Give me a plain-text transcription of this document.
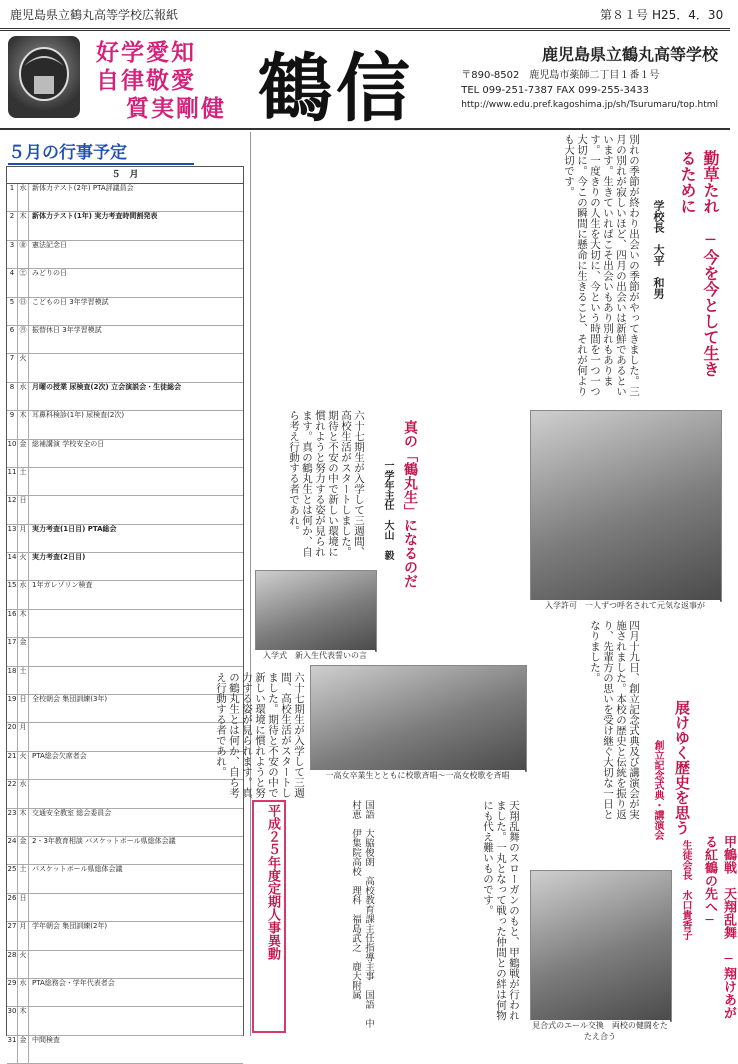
鹿児島県立鶴丸高等学校広報紙	第８１号 H25．4．30
好学愛知
自律敬愛
質実剛健 鶴信	鹿児島県立鶴丸高等学校
〒890-8502　鹿児島市薬師二丁目１番１号
TEL 099-251-7387 FAX 099-255-3433
http://www.edu.pref.kagoshima.jp/sh/Tsurumaru/top.html
５月の行事予定
５　月
1 水 新体力テスト(2年) PTA評議員会
2 木 新体力テスト(1年) 実力考査時間割発表
3 ㊎ 憲法記念日
4 ㊏ みどりの日
5 ㊐ こどもの日 3年学習模試
6 ㊊ 振替休日 3年学習模試
7 火
8 水 月曜の授業 尿検査(2次) 立会演説会・生徒総会
9 木 耳鼻科検診(1年) 尿検査(2次)
10 金 総補講演 学校安全の日
11 土
12 日
13 月 実力考査(1日目) PTA総会
14 火 実力考査(2日目)
15 水 1年ガレゾリン検査
16 木
17 金
18 土
19 日 全校朝会 集団訓練(3年)
20 月
21 火 PTA総会欠席者会
22 水
23 木 交通安全教室 総会委員会
24 金 2・3年教育相談 バスケットボール県総体会議
25 土 バスケットボール県総体会議
26 日
27 月 学年朝会 集団訓練(2年)
28 火
29 水 PTA総務会・学年代表者会
30 木
31 金 中間検査
勤草たれ　─今を今として生きるために
学校長　大平　和男
別れの季節が終わり出会いの季節がやってきました。三月の別れが寂しいほど、四月の出会いは新鮮であるといいます。生きていればこそ出会いもあり別れもあります。一度きりの人生を大切に、今という時間を一つ一つ大切に。今この瞬間に懸命に生きること、それが何よりも大切です。
真の「鶴丸生」になるのだ
一学年主任　大山　毅
六十七期生が入学して三週間、高校生活がスタートしました。期待と不安の中で新しい環境に慣れようと努力する姿が見られます。真の鶴丸生とは何か、自ら考え行動する者であれ。
入学式　新入生代表誓いの言
入学許可　一人ずつ呼名されて元気な返事が
展けゆく歴史を思う
創立記念式典・講演会
四月十九日、創立記念式典及び講演会が実施されました。本校の歴史と伝統を振り返り、先輩方の思いを受け継ぐ大切な一日となりました。
一高女卒業生とともに校歌斉唱〜一高女校歌を斉唱
六十七期生が入学して三週間、高校生活がスタートしました。期待と不安の中で新しい環境に慣れようと努力する姿が見られます。真の鶴丸生とは何か、自ら考え行動する者であれ。
甲鶴戦　天翔乱舞　─翔けあがる紅鶴の先へ─
生徒会長　水口貴香子
見合式のエール交換　両校の健闘をたたえ合う
天翔乱舞のスローガンのもと、甲鶴戦が行われました。一丸となって戦った仲間との絆は何物にも代え難いものです。
平成２５年度定期人事異動	国語　大脇俊朗　高校教育課主任指導主事　国語　中村恵　伊集院高校　理科　福島武之　鹿大附属
